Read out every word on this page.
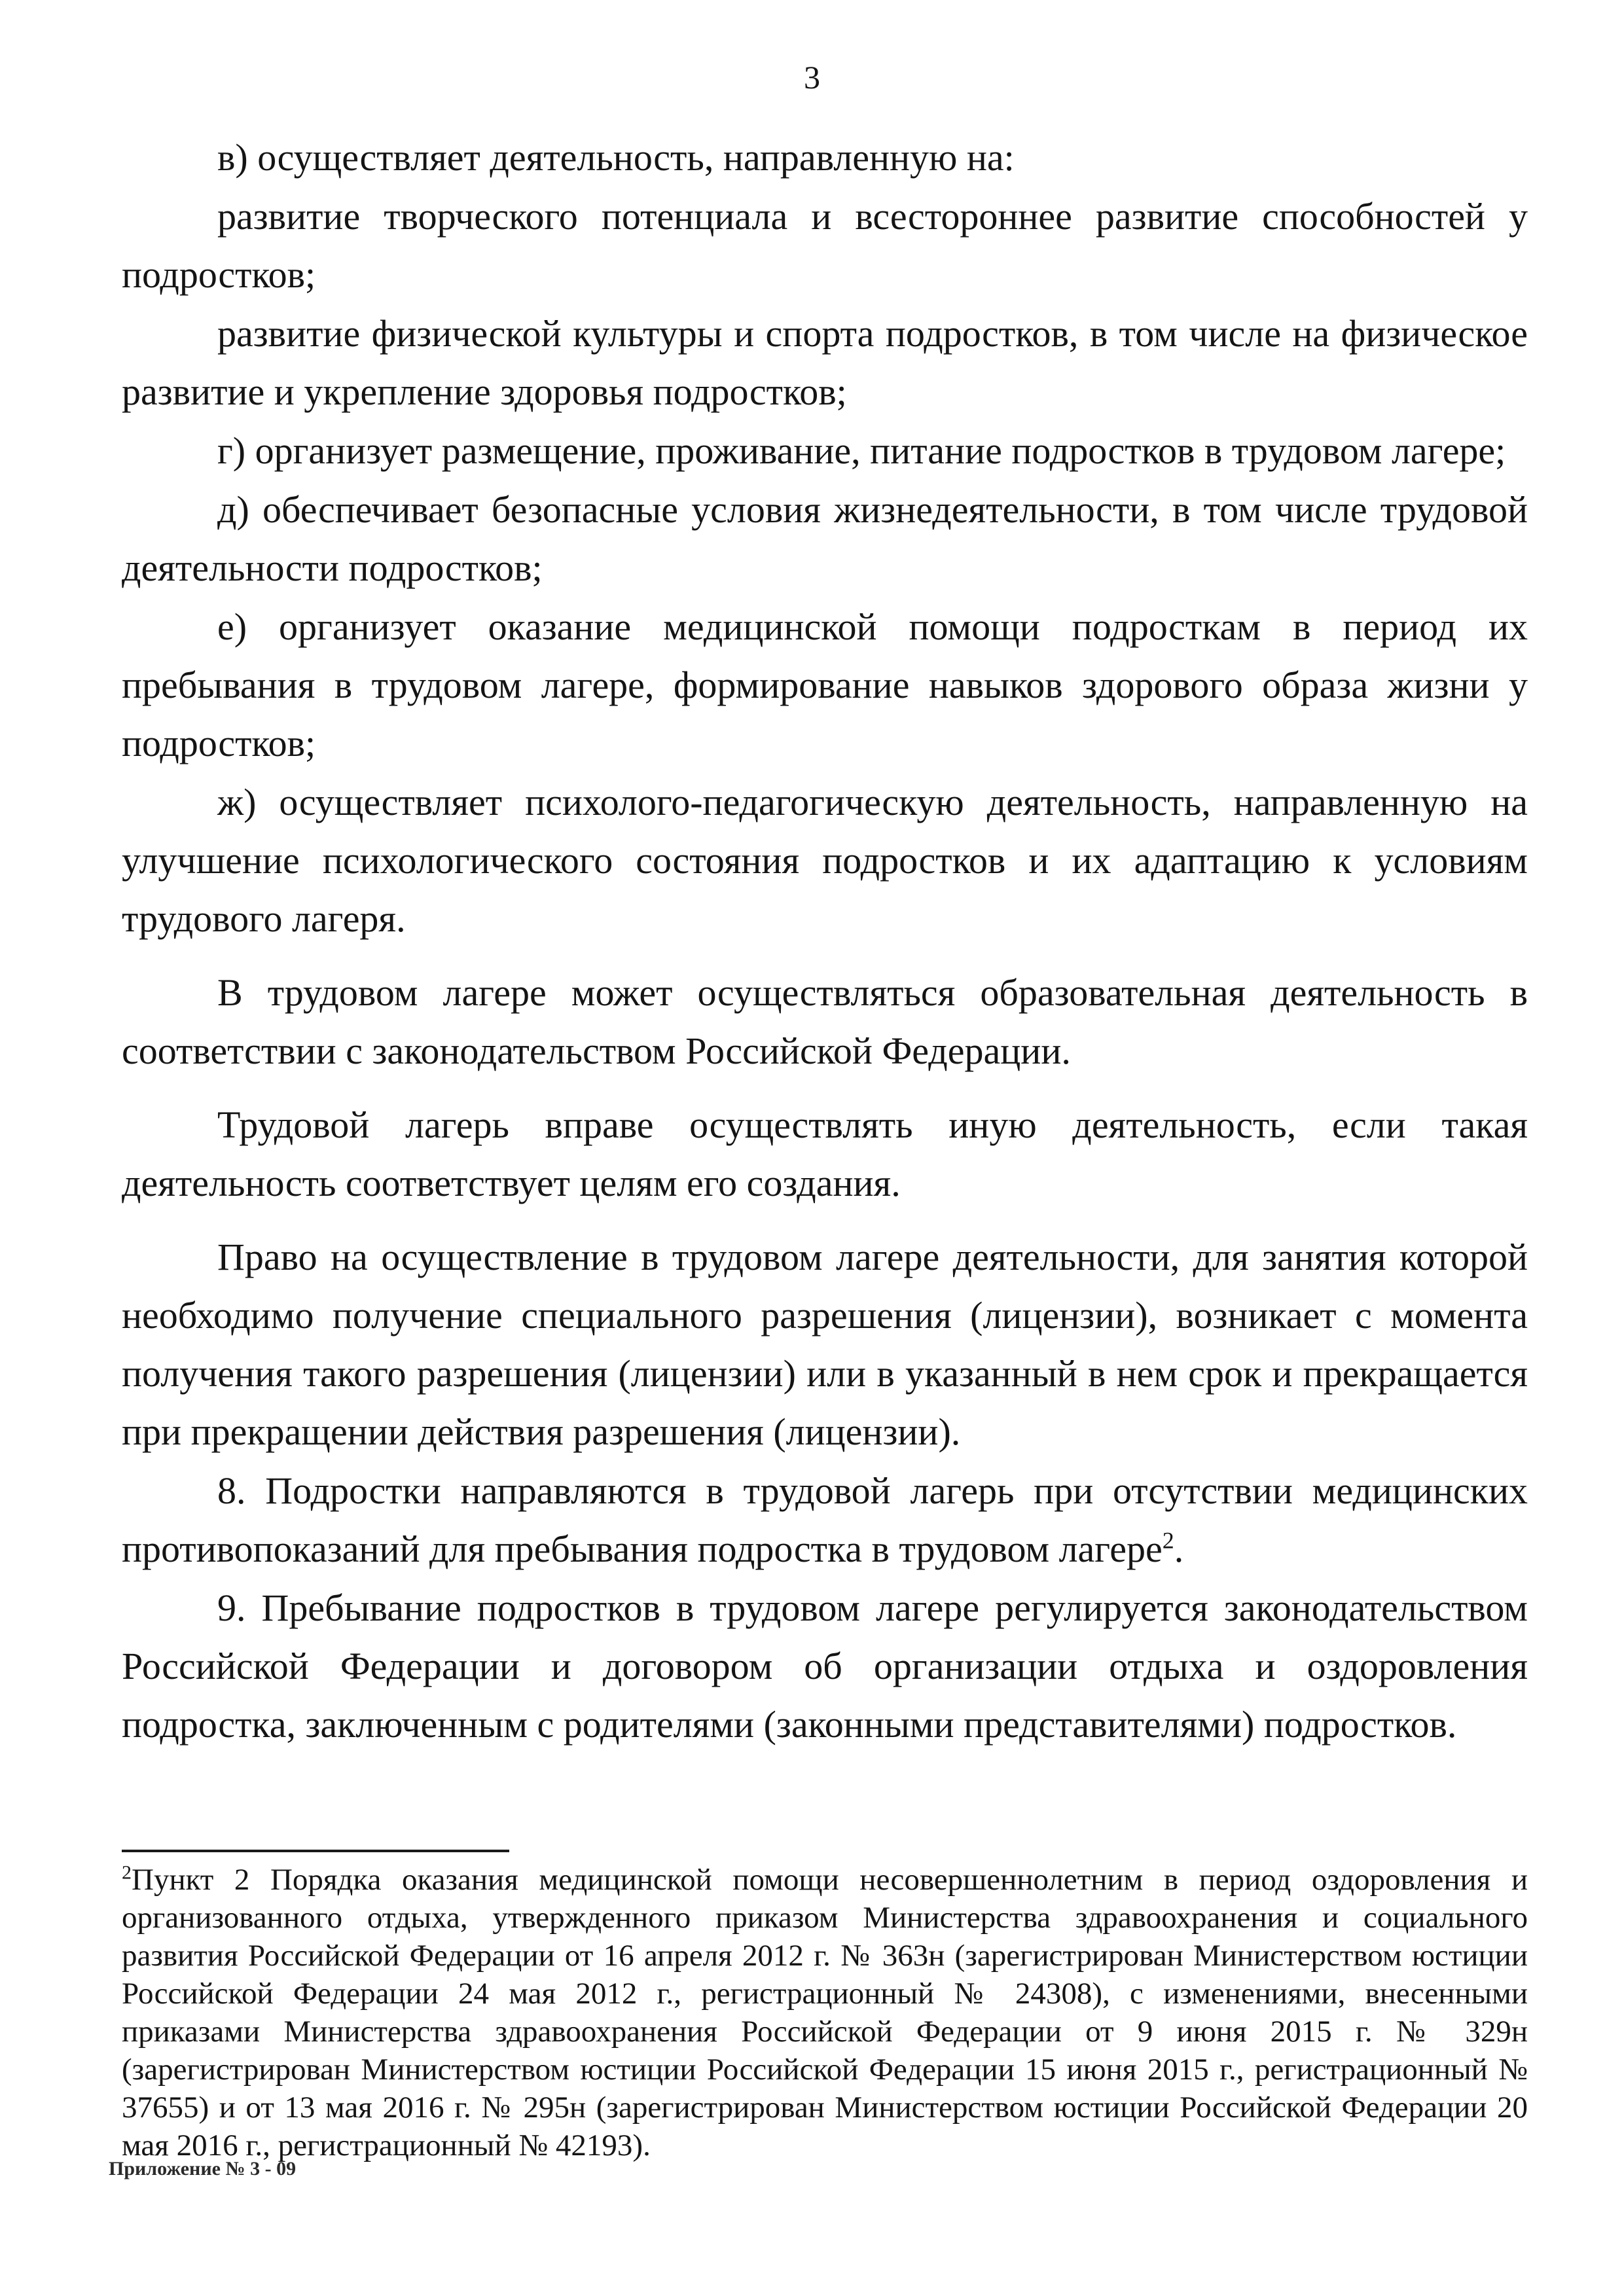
3

в) осуществляет деятельность, направленную на:

развитие творческого потенциала и всестороннее развитие способностей у подростков;

развитие физической культуры и спорта подростков, в том числе на физическое развитие и укрепление здоровья подростков;

г) организует размещение, проживание, питание подростков в трудовом лагере;

д) обеспечивает безопасные условия жизнедеятельности, в том числе трудовой деятельности подростков;

е) организует оказание медицинской помощи подросткам в период их пребывания в трудовом лагере, формирование навыков здорового образа жизни у подростков;

ж) осуществляет психолого-педагогическую деятельность, направленную на улучшение психологического состояния подростков и их адаптацию к условиям трудового лагеря.

В трудовом лагере может осуществляться образовательная деятельность в соответствии с законодательством Российской Федерации.

Трудовой лагерь вправе осуществлять иную деятельность, если такая деятельность соответствует целям его создания.

Право на осуществление в трудовом лагере деятельности, для занятия которой необходимо получение специального разрешения (лицензии), возникает с момента получения такого разрешения (лицензии) или в указанный в нем срок и прекращается при прекращении действия разрешения (лицензии).

8. Подростки направляются в трудовой лагерь при отсутствии медицинских противопоказаний для пребывания подростка в трудовом лагере$^2$.

9. Пребывание подростков в трудовом лагере регулируется законодательством Российской Федерации и договором об организации отдыха и оздоровления подростка, заключенным с родителями (законными представителями) подростков.

$^2$Пункт 2 Порядка оказания медицинской помощи несовершеннолетним в период оздоровления и организованного отдыха, утвержденного приказом Министерства здравоохранения и социального развития Российской Федерации от 16 апреля 2012 г. № 363н (зарегистрирован Министерством юстиции Российской Федерации 24 мая 2012 г., регистрационный № 24308), с изменениями, внесенными приказами Министерства здравоохранения Российской Федерации от 9 июня 2015 г. № 329н (зарегистрирован Министерством юстиции Российской Федерации 15 июня 2015 г., регистрационный № 37655) и от 13 мая 2016 г. № 295н (зарегистрирован Министерством юстиции Российской Федерации 20 мая 2016 г., регистрационный № 42193).

Приложение № 3 - 09
